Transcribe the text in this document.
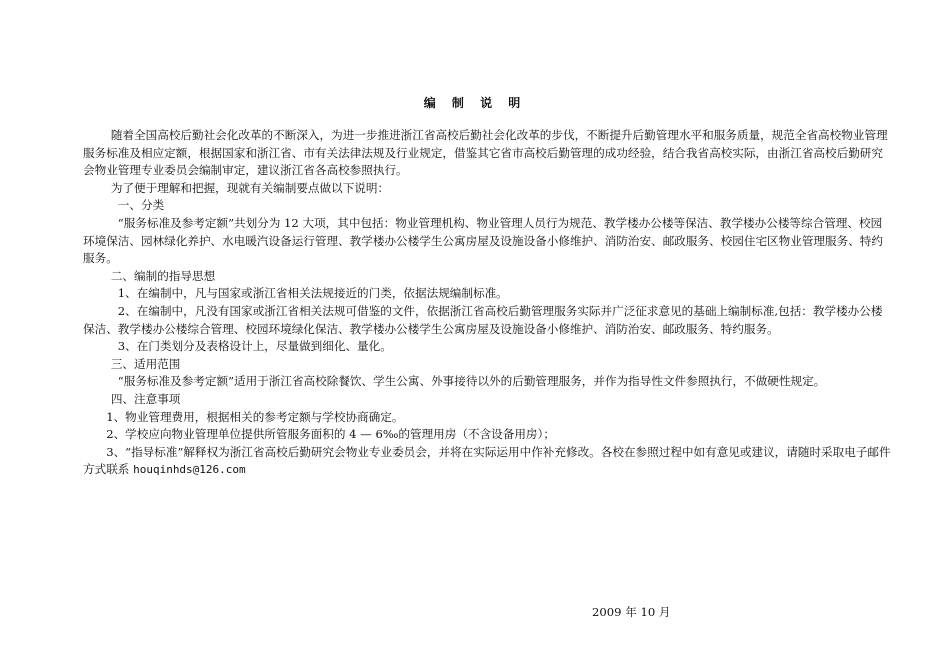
编 制 说 明

随着全国高校后勤社会化改革的不断深入，为进一步推进浙江省高校后勤社会化改革的步伐，不断提升后勤管理水平和服务质量，规范全省高校物业管理服务标准及相应定额，根据国家和浙江省、市有关法律法规及行业规定，借鉴其它省市高校后勤管理的成功经验，结合我省高校实际，由浙江省高校后勤研究会物业管理专业委员会编制审定，建议浙江省各高校参照执行。

为了便于理解和把握，现就有关编制要点做以下说明：

一、分类

“服务标准及参考定额”共划分为 12 大项，其中包括：物业管理机构、物业管理人员行为规范、教学楼办公楼等保洁、教学楼办公楼等综合管理、校园环境保洁、园林绿化养护、水电暖汽设备运行管理、教学楼办公楼学生公寓房屋及设施设备小修维护、消防治安、邮政服务、校园住宅区物业管理服务、特约服务。

二、编制的指导思想

1、在编制中，凡与国家或浙江省相关法规接近的门类，依据法规编制标准。

2、在编制中，凡没有国家或浙江省相关法规可借鉴的文件，依据浙江省高校后勤管理服务实际并广泛征求意见的基础上编制标准,包括：教学楼办公楼保洁、教学楼办公楼综合管理、校园环境绿化保洁、教学楼办公楼学生公寓房屋及设施设备小修维护、消防治安、邮政服务、特约服务。

3、在门类划分及表格设计上，尽量做到细化、量化。

三、适用范围

“服务标准及参考定额”适用于浙江省高校除餐饮、学生公寓、外事接待以外的后勤管理服务，并作为指导性文件参照执行，不做硬性规定。

四、注意事项

1、物业管理费用，根据相关的参考定额与学校协商确定。

2、学校应向物业管理单位提供所管服务面积的 4 — 6‰的管理用房（不含设备用房）；

3、“指导标准”解释权为浙江省高校后勤研究会物业专业委员会，并将在实际运用中作补充修改。各校在参照过程中如有意见或建议，请随时采取电子邮件方式联系 houqinhds@126.com

2009 年 10 月
